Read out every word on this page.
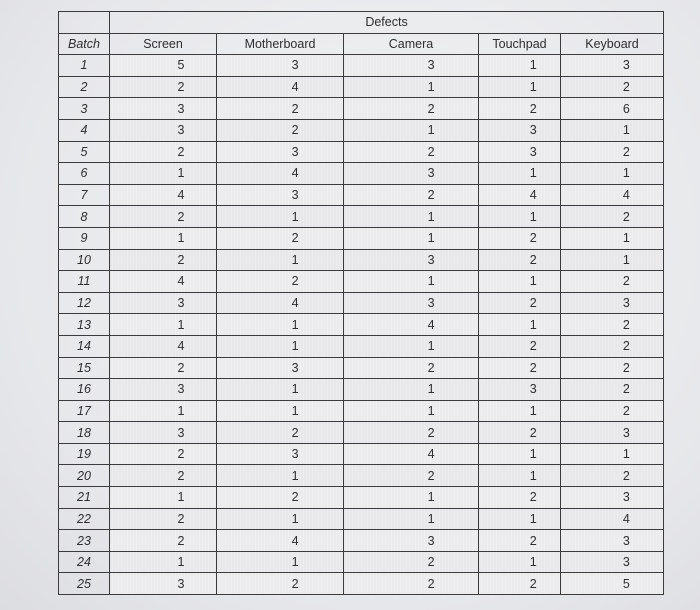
	Defects				
Batch	Screen	Motherboard	Camera	Touchpad	Keyboard
1	5	3	3	1	3
2	2	4	1	1	2
3	3	2	2	2	6
4	3	2	1	3	1
5	2	3	2	3	2
6	1	4	3	1	1
7	4	3	2	4	4
8	2	1	1	1	2
9	1	2	1	2	1
10	2	1	3	2	1
11	4	2	1	1	2
12	3	4	3	2	3
13	1	1	4	1	2
14	4	1	1	2	2
15	2	3	2	2	2
16	3	1	1	3	2
17	1	1	1	1	2
18	3	2	2	2	3
19	2	3	4	1	1
20	2	1	2	1	2
21	1	2	1	2	3
22	2	1	1	1	4
23	2	4	3	2	3
24	1	1	2	1	3
25	3	2	2	2	5
